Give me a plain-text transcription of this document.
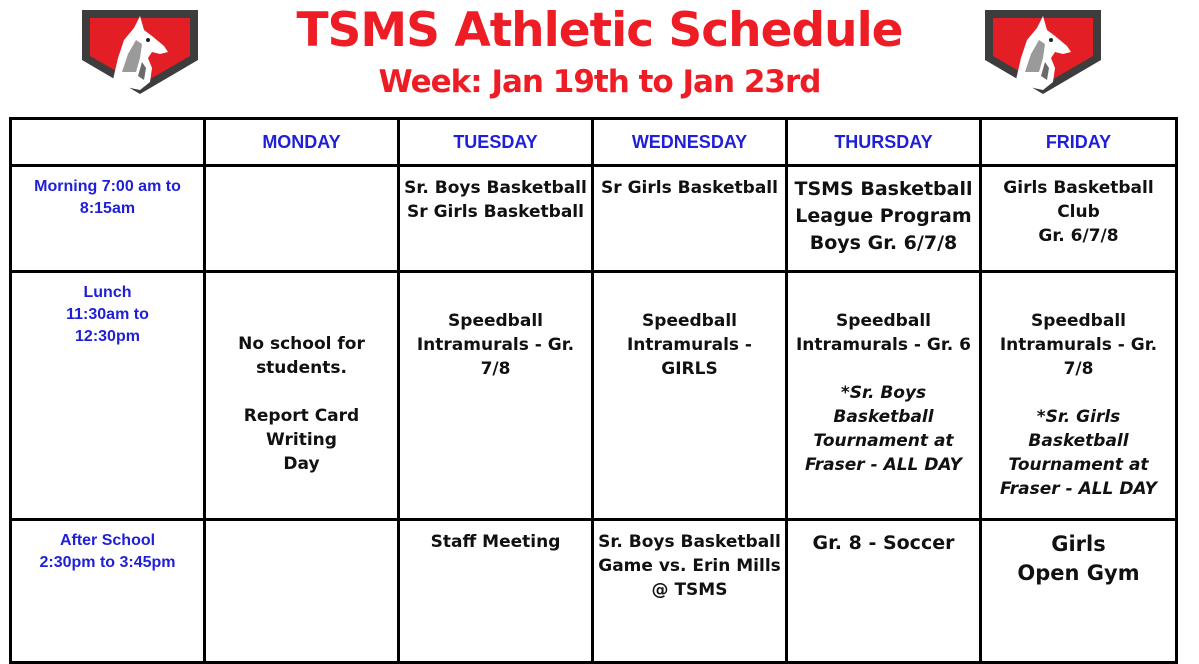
TSMS Athletic Schedule
Week: Jan 19th to Jan 23rd
	MONDAY	TUESDAY	WEDNESDAY	THURSDAY	FRIDAY

Morning 7:00 am to
8:15am		Sr. Boys Basketball
Sr Girls Basketball	Sr Girls Basketball	TSMS Basketball
League Program
Boys Gr. 6/7/8	Girls Basketball
Club
Gr. 6/7/8

Lunch
11:30am to
12:30pm	No school for
students.
Report Card Writing
Day	Speedball
Intramurals - Gr. 7/8	Speedball
Intramurals - GIRLS	Speedball
Intramurals - Gr. 6
*Sr. Boys Basketball
Tournament at
Fraser - ALL DAY	Speedball
Intramurals - Gr. 7/8
*Sr. Girls Basketball
Tournament at
Fraser - ALL DAY

After School
2:30pm to 3:45pm		Staff Meeting	Sr. Boys Basketball
Game vs. Erin Mills
@ TSMS	Gr. 8 - Soccer	Girls
Open Gym
